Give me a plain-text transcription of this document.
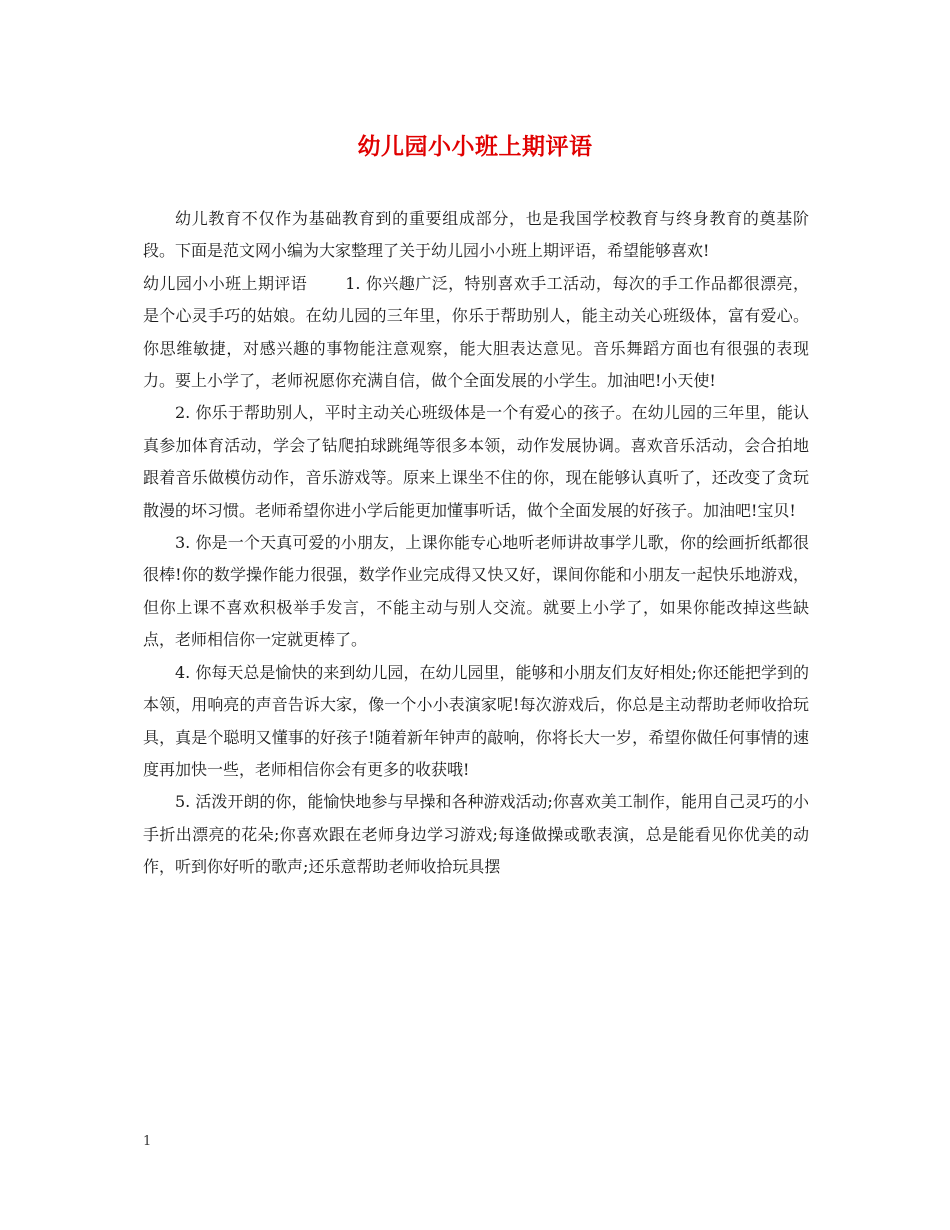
幼儿园小小班上期评语

幼儿教育不仅作为基础教育到的重要组成部分，也是我国学校教育与终身教育的奠基阶段。下面是范文网小编为大家整理了关于幼儿园小小班上期评语，希望能够喜欢!

幼儿园小小班上期评语 1. 你兴趣广泛，特别喜欢手工活动，每次的手工作品都很漂亮，是个心灵手巧的姑娘。在幼儿园的三年里，你乐于帮助别人，能主动关心班级体，富有爱心。你思维敏捷，对感兴趣的事物能注意观察，能大胆表达意见。音乐舞蹈方面也有很强的表现力。要上小学了，老师祝愿你充满自信，做个全面发展的小学生。加油吧!小天使!

2. 你乐于帮助别人，平时主动关心班级体是一个有爱心的孩子。在幼儿园的三年里，能认真参加体育活动，学会了钻爬拍球跳绳等很多本领，动作发展协调。喜欢音乐活动，会合拍地跟着音乐做模仿动作，音乐游戏等。原来上课坐不住的你，现在能够认真听了，还改变了贪玩散漫的坏习惯。老师希望你进小学后能更加懂事听话，做个全面发展的好孩子。加油吧!宝贝!

3. 你是一个天真可爱的小朋友，上课你能专心地听老师讲故事学儿歌，你的绘画折纸都很很棒!你的数学操作能力很强，数学作业完成得又快又好，课间你能和小朋友一起快乐地游戏，但你上课不喜欢积极举手发言，不能主动与别人交流。就要上小学了，如果你能改掉这些缺点，老师相信你一定就更棒了。

4. 你每天总是愉快的来到幼儿园，在幼儿园里，能够和小朋友们友好相处;你还能把学到的本领，用响亮的声音告诉大家，像一个小小表演家呢!每次游戏后，你总是主动帮助老师收拾玩具，真是个聪明又懂事的好孩子!随着新年钟声的敲响，你将长大一岁，希望你做任何事情的速度再加快一些，老师相信你会有更多的收获哦!

5. 活泼开朗的你，能愉快地参与早操和各种游戏活动;你喜欢美工制作，能用自己灵巧的小手折出漂亮的花朵;你喜欢跟在老师身边学习游戏;每逢做操或歌表演，总是能看见你优美的动作，听到你好听的歌声;还乐意帮助老师收拾玩具摆

1
